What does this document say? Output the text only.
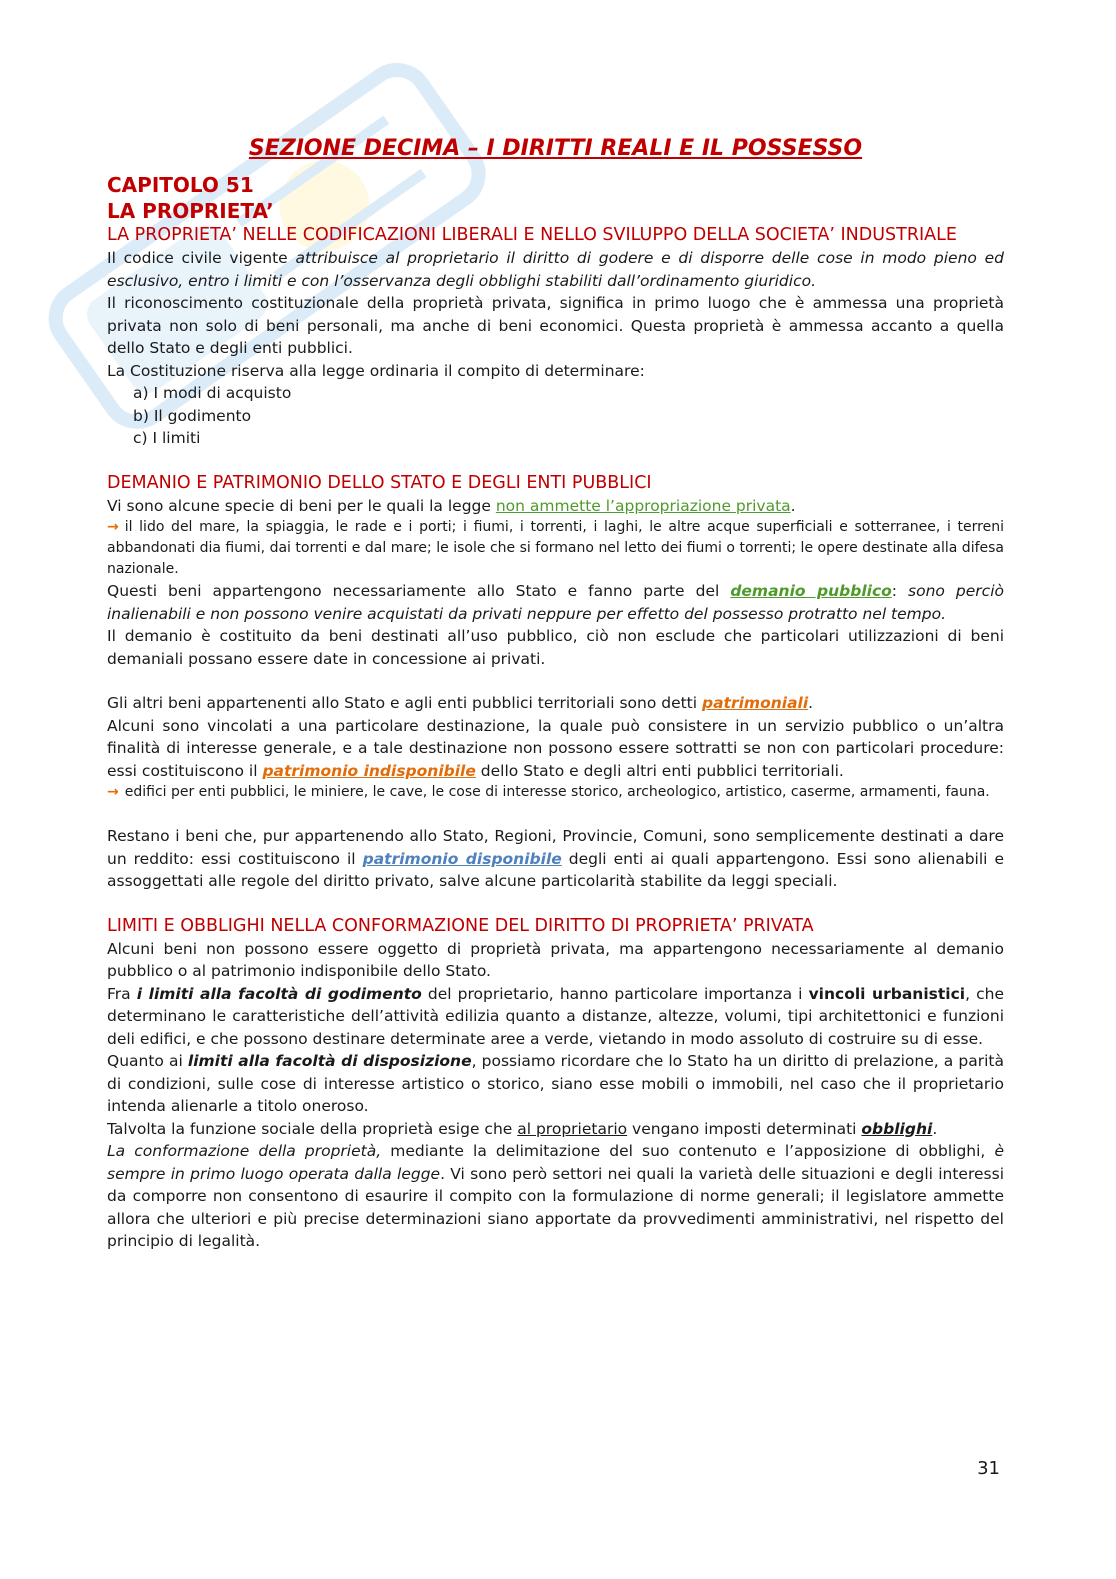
SEZIONE DECIMA – I DIRITTI REALI E IL POSSESSO
CAPITOLO 51
LA PROPRIETA’
LA PROPRIETA’ NELLE CODIFICAZIONI LIBERALI E NELLO SVILUPPO DELLA SOCIETA’ INDUSTRIALE

Il codice civile vigente attribuisce al proprietario il diritto di godere e di disporre delle cose in modo pieno ed esclusivo, entro i limiti e con l’osservanza degli obblighi stabiliti dall’ordinamento giuridico.

Il riconoscimento costituzionale della proprietà privata, significa in primo luogo che è ammessa una proprietà privata non solo di beni personali, ma anche di beni economici. Questa proprietà è ammessa accanto a quella dello Stato e degli enti pubblici.

La Costituzione riserva alla legge ordinaria il compito di determinare:

a) I modi di acquisto
b) Il godimento
c) I limiti
DEMANIO E PATRIMONIO DELLO STATO E DEGLI ENTI PUBBLICI

Vi sono alcune specie di beni per le quali la legge non ammette l’appropriazione privata.

→ il lido del mare, la spiaggia, le rade e i porti; i fiumi, i torrenti, i laghi, le altre acque superficiali e sotterranee, i terreni abbandonati dia fiumi, dai torrenti e dal mare; le isole che si formano nel letto dei fiumi o torrenti; le opere destinate alla difesa nazionale.

Questi beni appartengono necessariamente allo Stato e fanno parte del demanio pubblico: sono perciò inalienabili e non possono venire acquistati da privati neppure per effetto del possesso protratto nel tempo.

Il demanio è costituito da beni destinati all’uso pubblico, ciò non esclude che particolari utilizzazioni di beni demaniali possano essere date in concessione ai privati.

Gli altri beni appartenenti allo Stato e agli enti pubblici territoriali sono detti patrimoniali.

Alcuni sono vincolati a una particolare destinazione, la quale può consistere in un servizio pubblico o un’altra finalità di interesse generale, e a tale destinazione non possono essere sottratti se non con particolari procedure: essi costituiscono il patrimonio indisponibile dello Stato e degli altri enti pubblici territoriali.

→ edifici per enti pubblici, le miniere, le cave, le cose di interesse storico, archeologico, artistico, caserme, armamenti, fauna.

Restano i beni che, pur appartenendo allo Stato, Regioni, Provincie, Comuni, sono semplicemente destinati a dare un reddito: essi costituiscono il patrimonio disponibile degli enti ai quali appartengono. Essi sono alienabili e assoggettati alle regole del diritto privato, salve alcune particolarità stabilite da leggi speciali.

LIMITI E OBBLIGHI NELLA CONFORMAZIONE DEL DIRITTO DI PROPRIETA’ PRIVATA

Alcuni beni non possono essere oggetto di proprietà privata, ma appartengono necessariamente al demanio pubblico o al patrimonio indisponibile dello Stato.

Fra i limiti alla facoltà di godimento del proprietario, hanno particolare importanza i vincoli urbanistici, che determinano le caratteristiche dell’attività edilizia quanto a distanze, altezze, volumi, tipi architettonici e funzioni deli edifici, e che possono destinare determinate aree a verde, vietando in modo assoluto di costruire su di esse.

Quanto ai limiti alla facoltà di disposizione, possiamo ricordare che lo Stato ha un diritto di prelazione, a parità di condizioni, sulle cose di interesse artistico o storico, siano esse mobili o immobili, nel caso che il proprietario intenda alienarle a titolo oneroso.

Talvolta la funzione sociale della proprietà esige che al proprietario vengano imposti determinati obblighi.

La conformazione della proprietà, mediante la delimitazione del suo contenuto e l’apposizione di obblighi, è sempre in primo luogo operata dalla legge. Vi sono però settori nei quali la varietà delle situazioni e degli interessi da comporre non consentono di esaurire il compito con la formulazione di norme generali; il legislatore ammette allora che ulteriori e più precise determinazioni siano apportate da provvedimenti amministrativi, nel rispetto del principio di legalità.

31
